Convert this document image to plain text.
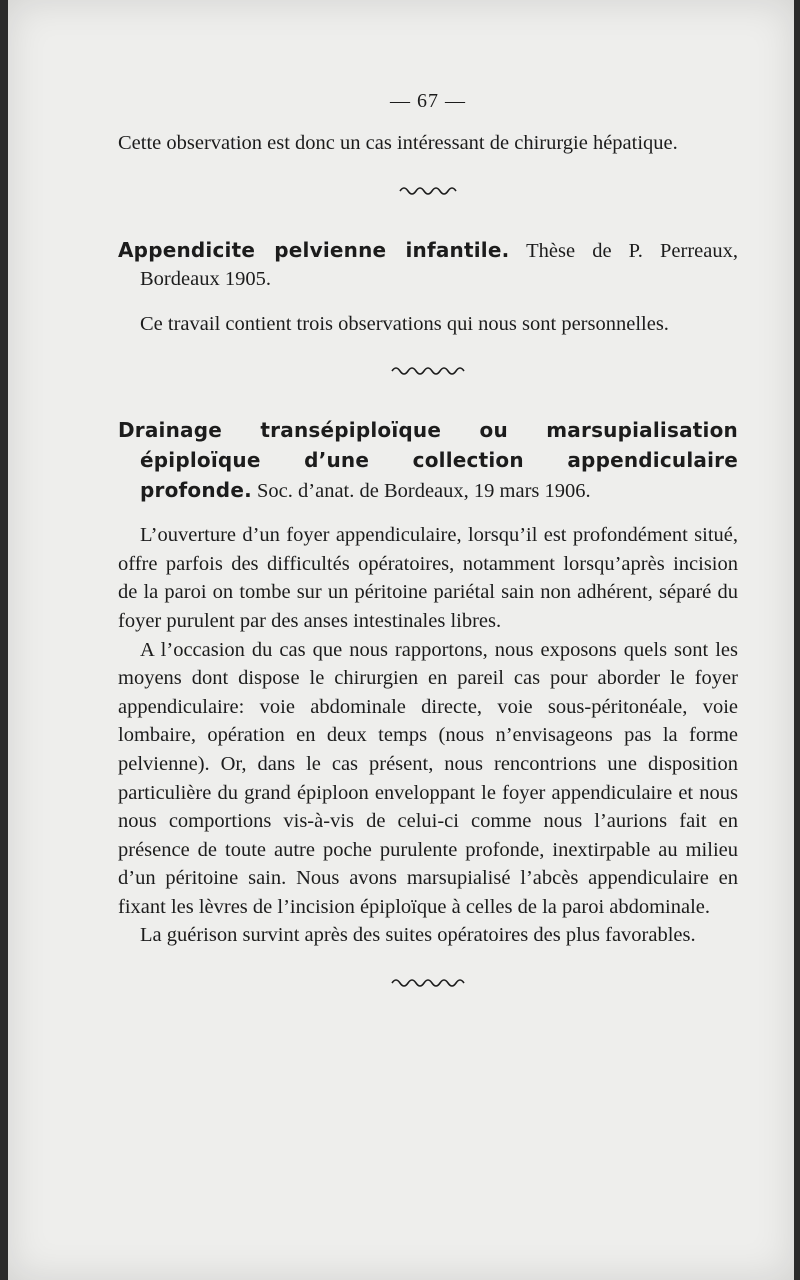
— 67 —

Cette observation est donc un cas intéressant de chirurgie hépatique.

Appendicite pelvienne infantile. Thèse de P. Perreaux, Bordeaux 1905.

Ce travail contient trois observations qui nous sont personnelles.

Drainage transépiploïque ou marsupialisation épiploïque d’une collection appendiculaire profonde. Soc. d’anat. de Bordeaux, 19 mars 1906.

L’ouverture d’un foyer appendiculaire, lorsqu’il est profondément situé, offre parfois des difficultés opératoires, notamment lorsqu’après incision de la paroi on tombe sur un péritoine pariétal sain non adhérent, séparé du foyer purulent par des anses intestinales libres.

A l’occasion du cas que nous rapportons, nous exposons quels sont les moyens dont dispose le chirurgien en pareil cas pour aborder le foyer appendiculaire: voie abdominale directe, voie sous-péritonéale, voie lombaire, opération en deux temps (nous n’envisageons pas la forme pelvienne). Or, dans le cas présent, nous rencontrions une disposition particulière du grand épiploon enveloppant le foyer appendiculaire et nous nous comportions vis-à-vis de celui-ci comme nous l’aurions fait en présence de toute autre poche purulente profonde, inextirpable au milieu d’un péritoine sain. Nous avons marsupialisé l’abcès appendiculaire en fixant les lèvres de l’incision épiploïque à celles de la paroi abdominale.

La guérison survint après des suites opératoires des plus favorables.
